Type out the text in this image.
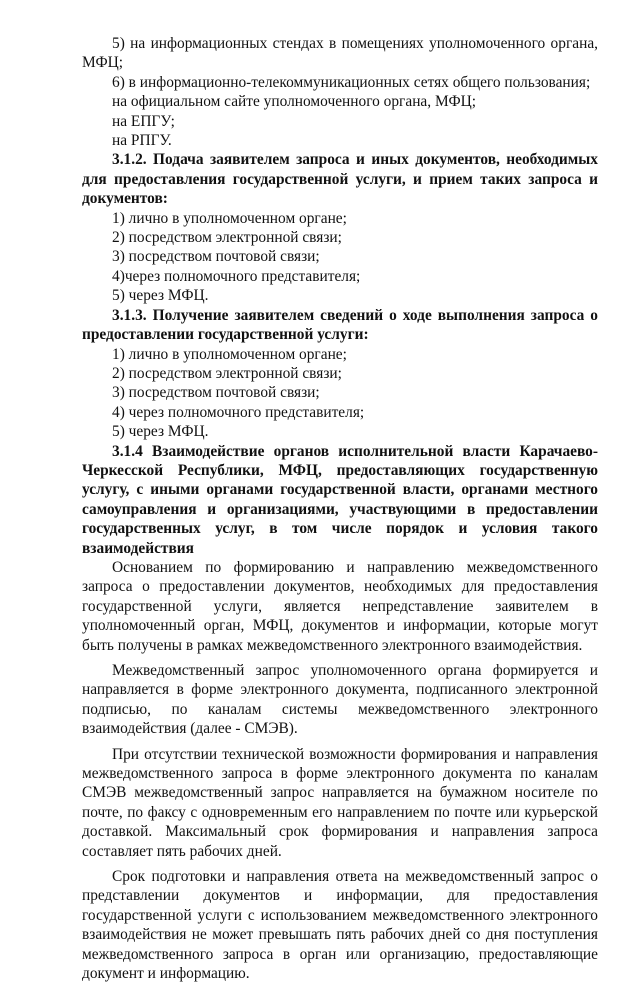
5) на информационных стендах в помещениях уполномоченного органа, МФЦ;

6) в информационно-телекоммуникационных сетях общего пользования;

на официальном сайте уполномоченного органа, МФЦ;

на ЕПГУ;

на РПГУ.

3.1.2. Подача заявителем запроса и иных документов, необходимых для предоставления государственной услуги, и прием таких запроса и документов:

1) лично в уполномоченном органе;

2) посредством электронной связи;

3) посредством почтовой связи;

4)через полномочного представителя;

5) через МФЦ.

3.1.3. Получение заявителем сведений о ходе выполнения запроса о предоставлении государственной услуги:

1) лично в уполномоченном органе;

2) посредством электронной связи;

3) посредством почтовой связи;

4) через полномочного представителя;

5) через МФЦ.

3.1.4 Взаимодействие органов исполнительной власти Карачаево-Черкесской Республики, МФЦ, предоставляющих государственную услугу, с иными органами государственной власти, органами местного самоуправления и организациями, участвующими в предоставлении государственных услуг, в том числе порядок и условия такого взаимодействия

Основанием по формированию и направлению межведомственного запроса о предоставлении документов, необходимых для предоставления государственной услуги, является непредставление заявителем в уполномоченный орган, МФЦ, документов и информации, которые могут быть получены в рамках межведомственного электронного взаимодействия.

Межведомственный запрос уполномоченного органа формируется и направляется в форме электронного документа, подписанного электронной подписью, по каналам системы межведомственного электронного взаимодействия (далее - СМЭВ).

При отсутствии технической возможности формирования и направления межведомственного запроса в форме электронного документа по каналам СМЭВ межведомственный запрос направляется на бумажном носителе по почте, по факсу с одновременным его направлением по почте или курьерской доставкой. Максимальный срок формирования и направления запроса составляет пять рабочих дней.

Срок подготовки и направления ответа на межведомственный запрос о представлении документов и информации, для предоставления государственной услуги с использованием межведомственного электронного взаимодействия не может превышать пять рабочих дней со дня поступления межведомственного запроса в орган или организацию, предоставляющие документ и информацию.
